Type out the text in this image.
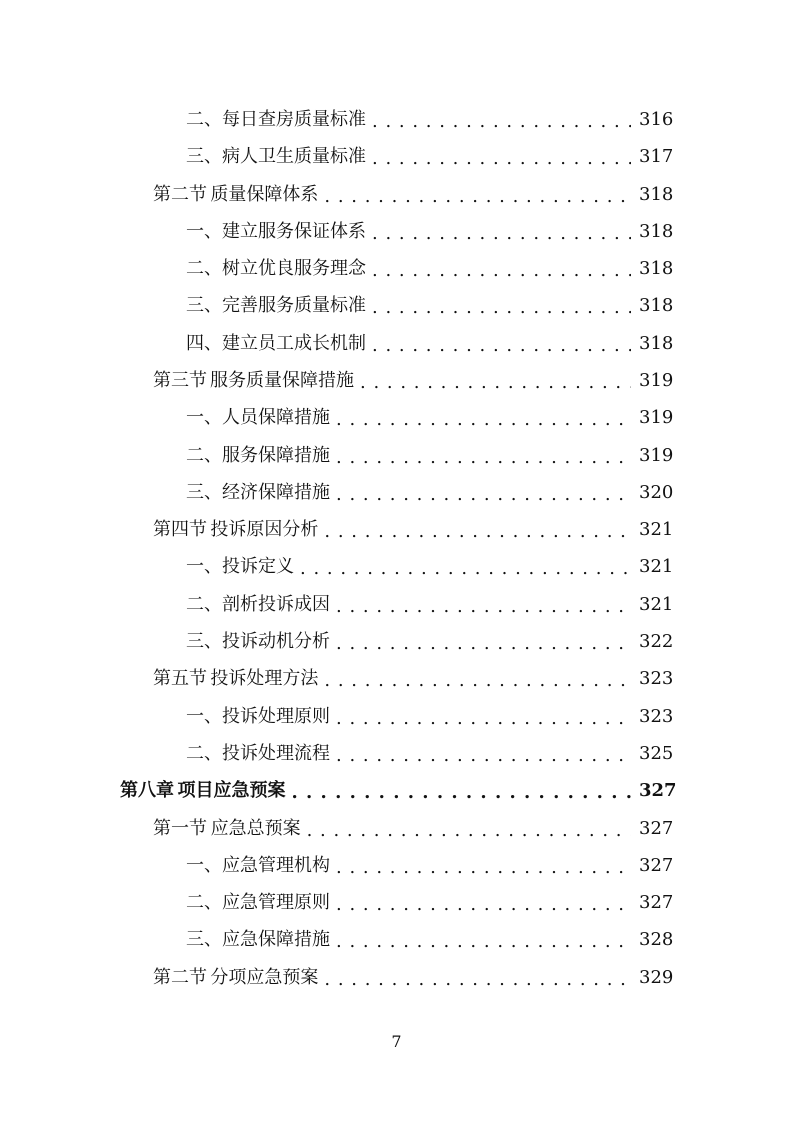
二、 每日查房质量标准 . . .	316
三、 病人卫生质量标准 . . .	317
第二节 质量保障体系 . . .	318
一、 建立服务保证体系 . . .	318
二、 树立优良服务理念 . . .	318
三、 完善服务质量标准 . . .	318
四、 建立员工成长机制 . . .	318
第三节 服务质量保障措施 . . .	319
一、 人员保障措施 . . .	319
二、 服务保障措施 . . .	319
三、 经济保障措施 . . .	320
第四节 投诉原因分析 . . .	321
一、 投诉定义 . . .	321
二、 剖析投诉成因 . . .	321
三、 投诉动机分析 . . .	322
第五节 投诉处理方法 . . .	323
一、 投诉处理原则 . . .	323
二、 投诉处理流程 . . .	325
第八章 项目应急预案 . . .	327
第一节 应急总预案 . . .	327
一、 应急管理机构 . . .	327
二、 应急管理原则 . . .	327
三、 应急保障措施 . . .	328
第二节 分项应急预案 . . .	329
7
